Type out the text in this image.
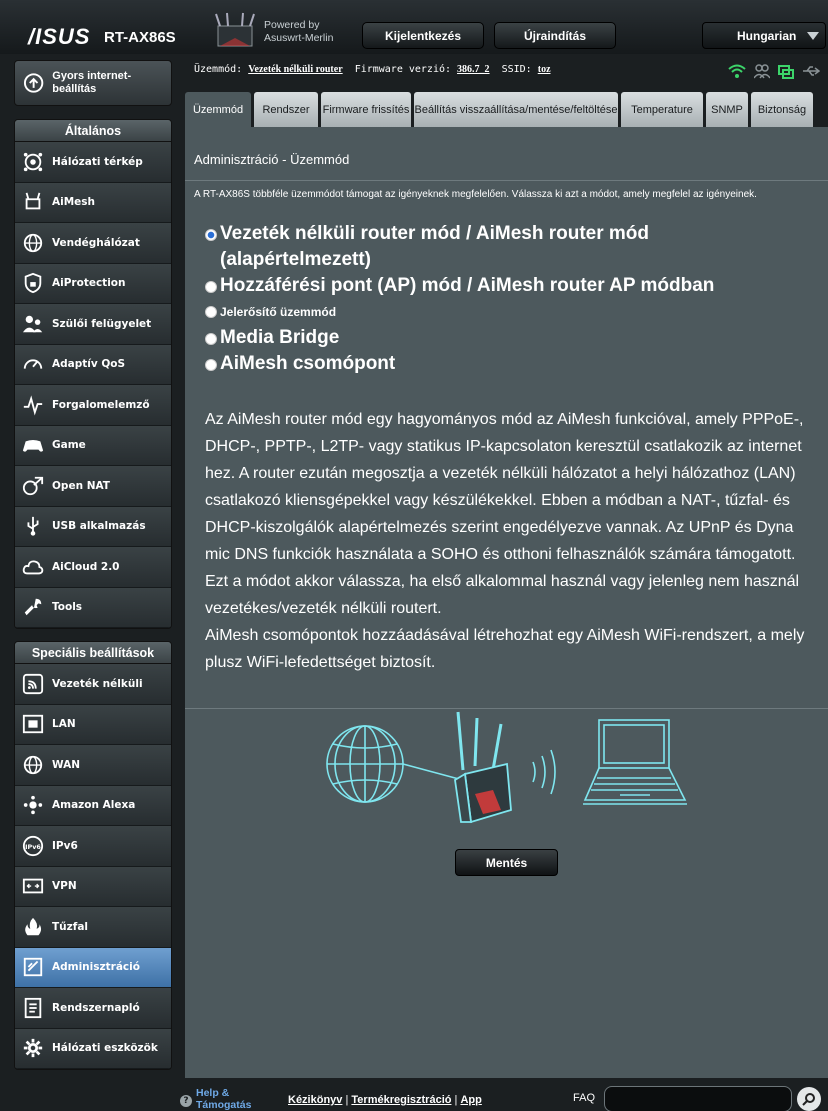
/ISUS RT-AX86S
Powered by
Asuswrt-Merlin	Kijelentkezés	Újraindítás	Hungarian
Gyors internet-beállítás
Általános
Hálózati térkép
AiMesh
Vendéghálózat
AiProtection
Szülői felügyelet
Adaptív QoS
Forgalomelemző
Game
Open NAT
USB alkalmazás
AiCloud 2.0
Tools
Speciális beállítások
Vezeték nélküli
LAN
WAN
Amazon Alexa
IPv6 IPv6
VPN
Tűzfal
Adminisztráció
Rendszernapló
Hálózati eszközök
Üzemmód: Vezeték nélküli router Firmware verzió: 386.7_2 SSID: toz
Üzemmód	Rendszer	Firmware frissítés Beállítás visszaállítása/mentése/feltöltése	Temperature	SNMP	Biztonság
Adminisztráció - Üzemmód
A RT-AX86S többféle üzemmódot támogat az igényeknek megfelelően. Válassza ki azt a módot, amely megfelel az igényeinek.
Vezeték nélküli router mód / AiMesh router mód (alapértelmezett)
Hozzáférési pont (AP) mód / AiMesh router AP módban
Jelerősítő üzemmód
Media Bridge
AiMesh csomópont

Az AiMesh router mód egy hagyományos mód az AiMesh funkcióval, amely PPPoE-, DHCP-, PPTP-, L2TP- vagy statikus IP-kapcsolaton keresztül csatlakozik az internethez. A router ezután megosztja a vezeték nélküli hálózatot a helyi hálózathoz (LAN) csatlakozó kliensgépekkel vagy készülékekkel. Ebben a módban a NAT-, tűzfal- és DHCP-kiszolgálók alapértelmezés szerint engedélyezve vannak. Az UPnP és Dynamic DNS funkciók használata a SOHO és otthoni felhasználók számára támogatott. Ezt a módot akkor válassza, ha első alkalommal használ vagy jelenleg nem használ vezetékes/vezeték nélküli routert.

AiMesh csomópontok hozzáadásával létrehozhat egy AiMesh WiFi-rendszert, a mely plusz WiFi-lefedettséget biztosít.

Mentés
?
Help &
Támogatás	Kézikönyv | Termékregisztráció | App	FAQ
